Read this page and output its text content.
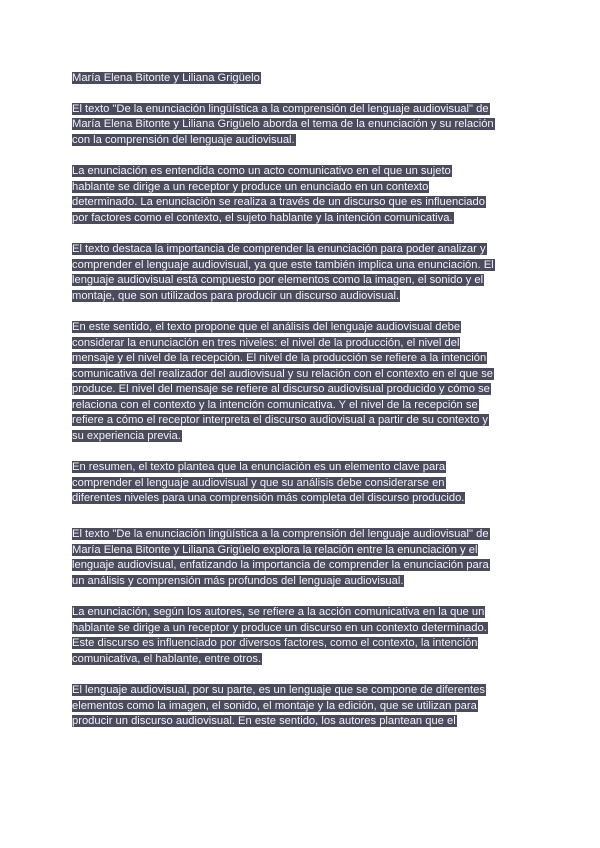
María Elena Bitonte y Liliana Grigüelo
El texto "De la enunciación lingüística a la comprensión del lenguaje audiovisual" de
María Elena Bitonte y Liliana Grigüelo aborda el tema de la enunciación y su relación
con la comprensión del lenguaje audiovisual.
La enunciación es entendida como un acto comunicativo en el que un sujeto
hablante se dirige a un receptor y produce un enunciado en un contexto
determinado. La enunciación se realiza a través de un discurso que es influenciado
por factores como el contexto, el sujeto hablante y la intención comunicativa.
El texto destaca la importancia de comprender la enunciación para poder analizar y
comprender el lenguaje audiovisual, ya que este también implica una enunciación. El
lenguaje audiovisual está compuesto por elementos como la imagen, el sonido y el
montaje, que son utilizados para producir un discurso audiovisual.
En este sentido, el texto propone que el análisis del lenguaje audiovisual debe
considerar la enunciación en tres niveles: el nivel de la producción, el nivel del
mensaje y el nivel de la recepción. El nivel de la producción se refiere a la intención
comunicativa del realizador del audiovisual y su relación con el contexto en el que se
produce. El nivel del mensaje se refiere al discurso audiovisual producido y cómo se
relaciona con el contexto y la intención comunicativa. Y el nivel de la recepción se
refiere a cómo el receptor interpreta el discurso audiovisual a partir de su contexto y
su experiencia previa.
En resumen, el texto plantea que la enunciación es un elemento clave para
comprender el lenguaje audiovisual y que su análisis debe considerarse en
diferentes niveles para una comprensión más completa del discurso producido.
El texto "De la enunciación lingüística a la comprensión del lenguaje audiovisual" de
María Elena Bitonte y Liliana Grigüelo explora la relación entre la enunciación y el
lenguaje audiovisual, enfatizando la importancia de comprender la enunciación para
un análisis y comprensión más profundos del lenguaje audiovisual.
La enunciación, según los autores, se refiere a la acción comunicativa en la que un
hablante se dirige a un receptor y produce un discurso en un contexto determinado.
Este discurso es influenciado por diversos factores, como el contexto, la intención
comunicativa, el hablante, entre otros.
El lenguaje audiovisual, por su parte, es un lenguaje que se compone de diferentes
elementos como la imagen, el sonido, el montaje y la edición, que se utilizan para
producir un discurso audiovisual. En este sentido, los autores plantean que el
